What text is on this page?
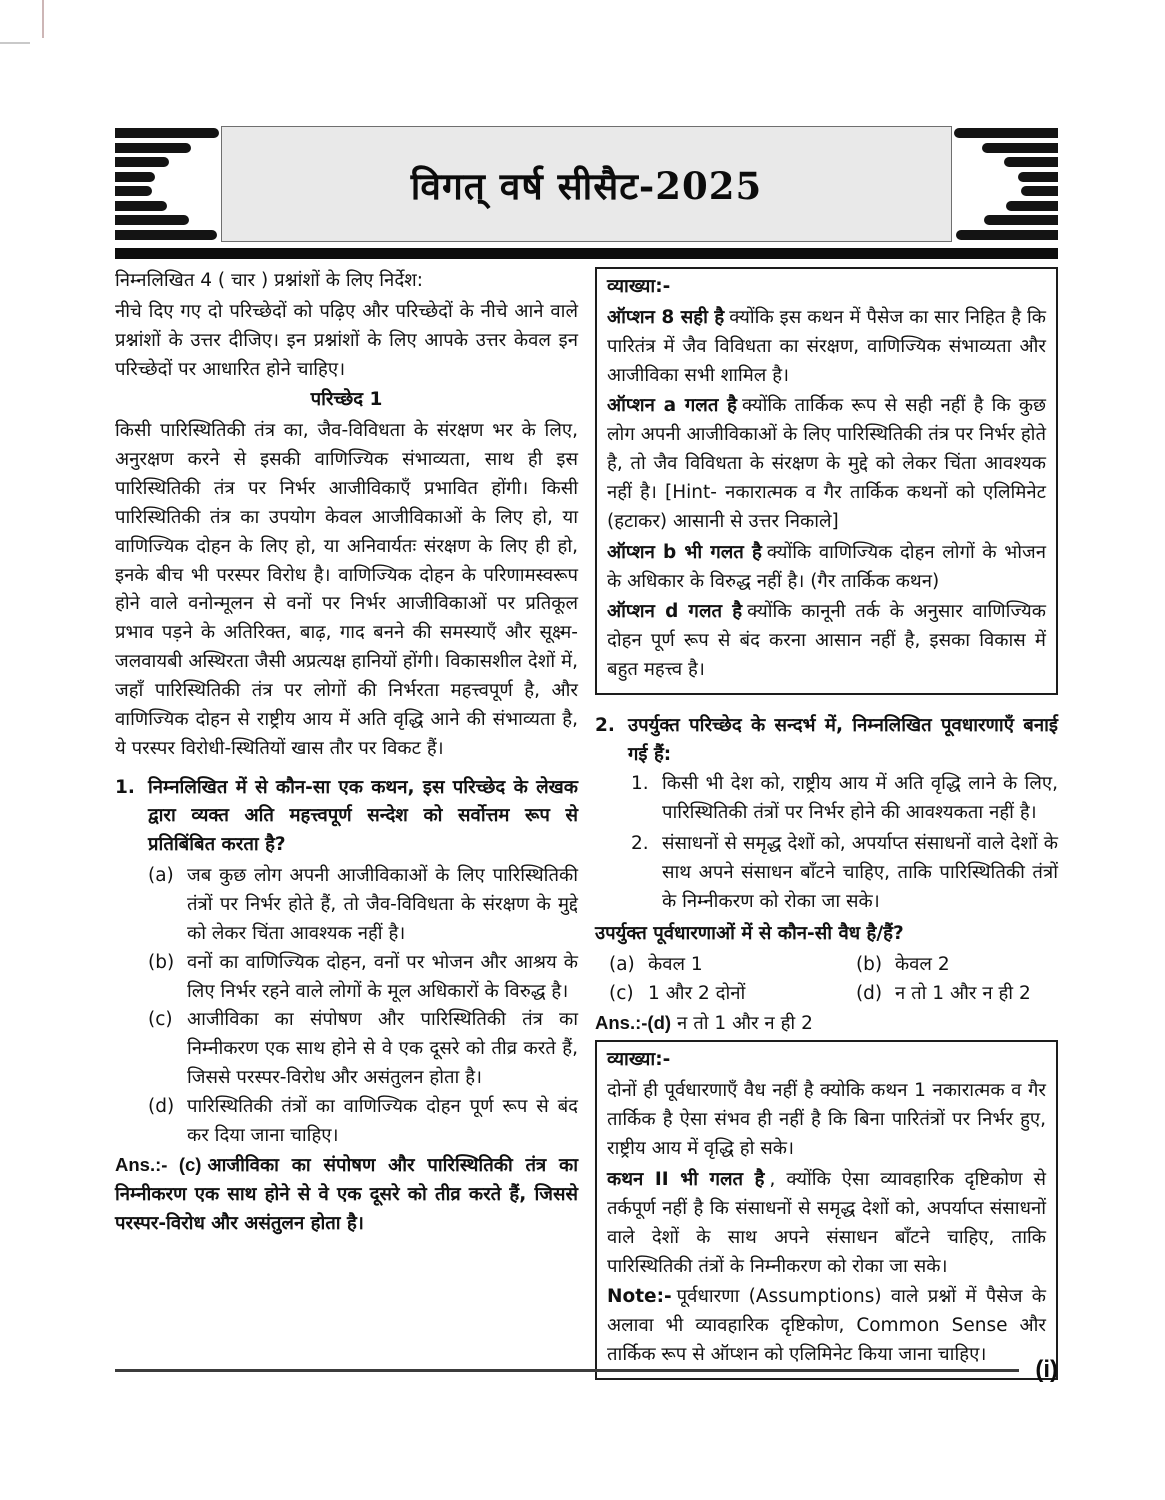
विगत् वर्ष सीसैट-2025

निम्नलिखित 4 ( चार ) प्रश्नांशों के लिए निर्देश:

नीचे दिए गए दो परिच्छेदों को पढ़िए और परिच्छेदों के नीचे आने वाले प्रश्नांशों के उत्तर दीजिए। इन प्रश्नांशों के लिए आपके उत्तर केवल इन परिच्छेदों पर आधारित होने चाहिए।

परिच्छेद 1

किसी पारिस्थितिकी तंत्र का, जैव-विविधता के संरक्षण भर के लिए, अनुरक्षण करने से इसकी वाणिज्यिक संभाव्यता, साथ ही इस पारिस्थितिकी तंत्र पर निर्भर आजीविकाएँ प्रभावित होंगी। किसी पारिस्थितिकी तंत्र का उपयोग केवल आजीविकाओं के लिए हो, या वाणिज्यिक दोहन के लिए हो, या अनिवार्यतः संरक्षण के लिए ही हो, इनके बीच भी परस्पर विरोध है। वाणिज्यिक दोहन के परिणामस्वरूप होने वाले वनोन्मूलन से वनों पर निर्भर आजीविकाओं पर प्रतिकूल प्रभाव पड़ने के अतिरिक्त, बाढ़, गाद बनने की समस्याएँ और सूक्ष्म-जलवायबी अस्थिरता जैसी अप्रत्यक्ष हानियों होंगी। विकासशील देशों में, जहाँ पारिस्थितिकी तंत्र पर लोगों की निर्भरता महत्त्वपूर्ण है, और वाणिज्यिक दोहन से राष्ट्रीय आय में अति वृद्धि आने की संभाव्यता है, ये परस्पर विरोधी-स्थितियों खास तौर पर विकट हैं।

1. निम्नलिखित में से कौन-सा एक कथन, इस परिच्छेद के लेखक द्वारा व्यक्त अति महत्त्वपूर्ण सन्देश को सर्वोत्तम रूप से प्रतिबिंबित करता है?
(a) जब कुछ लोग अपनी आजीविकाओं के लिए पारिस्थितिकी तंत्रों पर निर्भर होते हैं, तो जैव-विविधता के संरक्षण के मुद्दे को लेकर चिंता आवश्यक नहीं है।
(b) वनों का वाणिज्यिक दोहन, वनों पर भोजन और आश्रय के लिए निर्भर रहने वाले लोगों के मूल अधिकारों के विरुद्ध है।
(c) आजीविका का संपोषण और पारिस्थितिकी तंत्र का निम्नीकरण एक साथ होने से वे एक दूसरे को तीव्र करते हैं, जिससे परस्पर-विरोध और असंतुलन होता है।
(d) पारिस्थितिकी तंत्रों का वाणिज्यिक दोहन पूर्ण रूप से बंद कर दिया जाना चाहिए।

Ans.:- (c) आजीविका का संपोषण और पारिस्थितिकी तंत्र का निम्नीकरण एक साथ होने से वे एक दूसरे को तीव्र करते हैं, जिससे परस्पर-विरोध और असंतुलन होता है।

व्याख्या:-

ऑप्शन 8 सही है क्योंकि इस कथन में पैसेज का सार निहित है कि पारितंत्र में जैव विविधता का संरक्षण, वाणिज्यिक संभाव्यता और आजीविका सभी शामिल है।

ऑप्शन a गलत है क्योंकि तार्किक रूप से सही नहीं है कि कुछ लोग अपनी आजीविकाओं के लिए पारिस्थितिकी तंत्र पर निर्भर होते है, तो जैव विविधता के संरक्षण के मुद्दे को लेकर चिंता आवश्यक नहीं है। [Hint- नकारात्मक व गैर तार्किक कथनों को एलिमिनेट (हटाकर) आसानी से उत्तर निकाले]

ऑप्शन b भी गलत है क्योंकि वाणिज्यिक दोहन लोगों के भोजन के अधिकार के विरुद्ध नहीं है। (गैर तार्किक कथन)

ऑप्शन d गलत है क्योंकि कानूनी तर्क के अनुसार वाणिज्यिक दोहन पूर्ण रूप से बंद करना आसान नहीं है, इसका विकास में बहुत महत्त्व है।

2. उपर्युक्त परिच्छेद के सन्दर्भ में, निम्नलिखित पूवधारणाएँ बनाई गई हैं:
1. किसी भी देश को, राष्ट्रीय आय में अति वृद्धि लाने के लिए, पारिस्थितिकी तंत्रों पर निर्भर होने की आवश्यकता नहीं है।
2. संसाधनों से समृद्ध देशों को, अपर्याप्त संसाधनों वाले देशों के साथ अपने संसाधन बाँटने चाहिए, ताकि पारिस्थितिकी तंत्रों के निम्नीकरण को रोका जा सके।

उपर्युक्त पूर्वधारणाओं में से कौन-सी वैध है/हैं?

(a) केवल 1	(b) केवल 2
(c) 1 और 2 दोनों	(d) न तो 1 और न ही 2

Ans.:-(d) न तो 1 और न ही 2

व्याख्या:-

दोनों ही पूर्वधारणाएँ वैध नहीं है क्योकि कथन 1 नकारात्मक व गैर तार्किक है ऐसा संभव ही नहीं है कि बिना पारितंत्रों पर निर्भर हुए, राष्ट्रीय आय में वृद्धि हो सके।

कथन II भी गलत है , क्योंकि ऐसा व्यावहारिक दृष्टिकोण से तर्कपूर्ण नहीं है कि संसाधनों से समृद्ध देशों को, अपर्याप्त संसाधनों वाले देशों के साथ अपने संसाधन बाँटने चाहिए, ताकि पारिस्थितिकी तंत्रों के निम्नीकरण को रोका जा सके।

Note:- पूर्वधारणा (Assumptions) वाले प्रश्नों में पैसेज के अलावा भी व्यावहारिक दृष्टिकोण, Common Sense और तार्किक रूप से ऑप्शन को एलिमिनेट किया जाना चाहिए।

(i)
